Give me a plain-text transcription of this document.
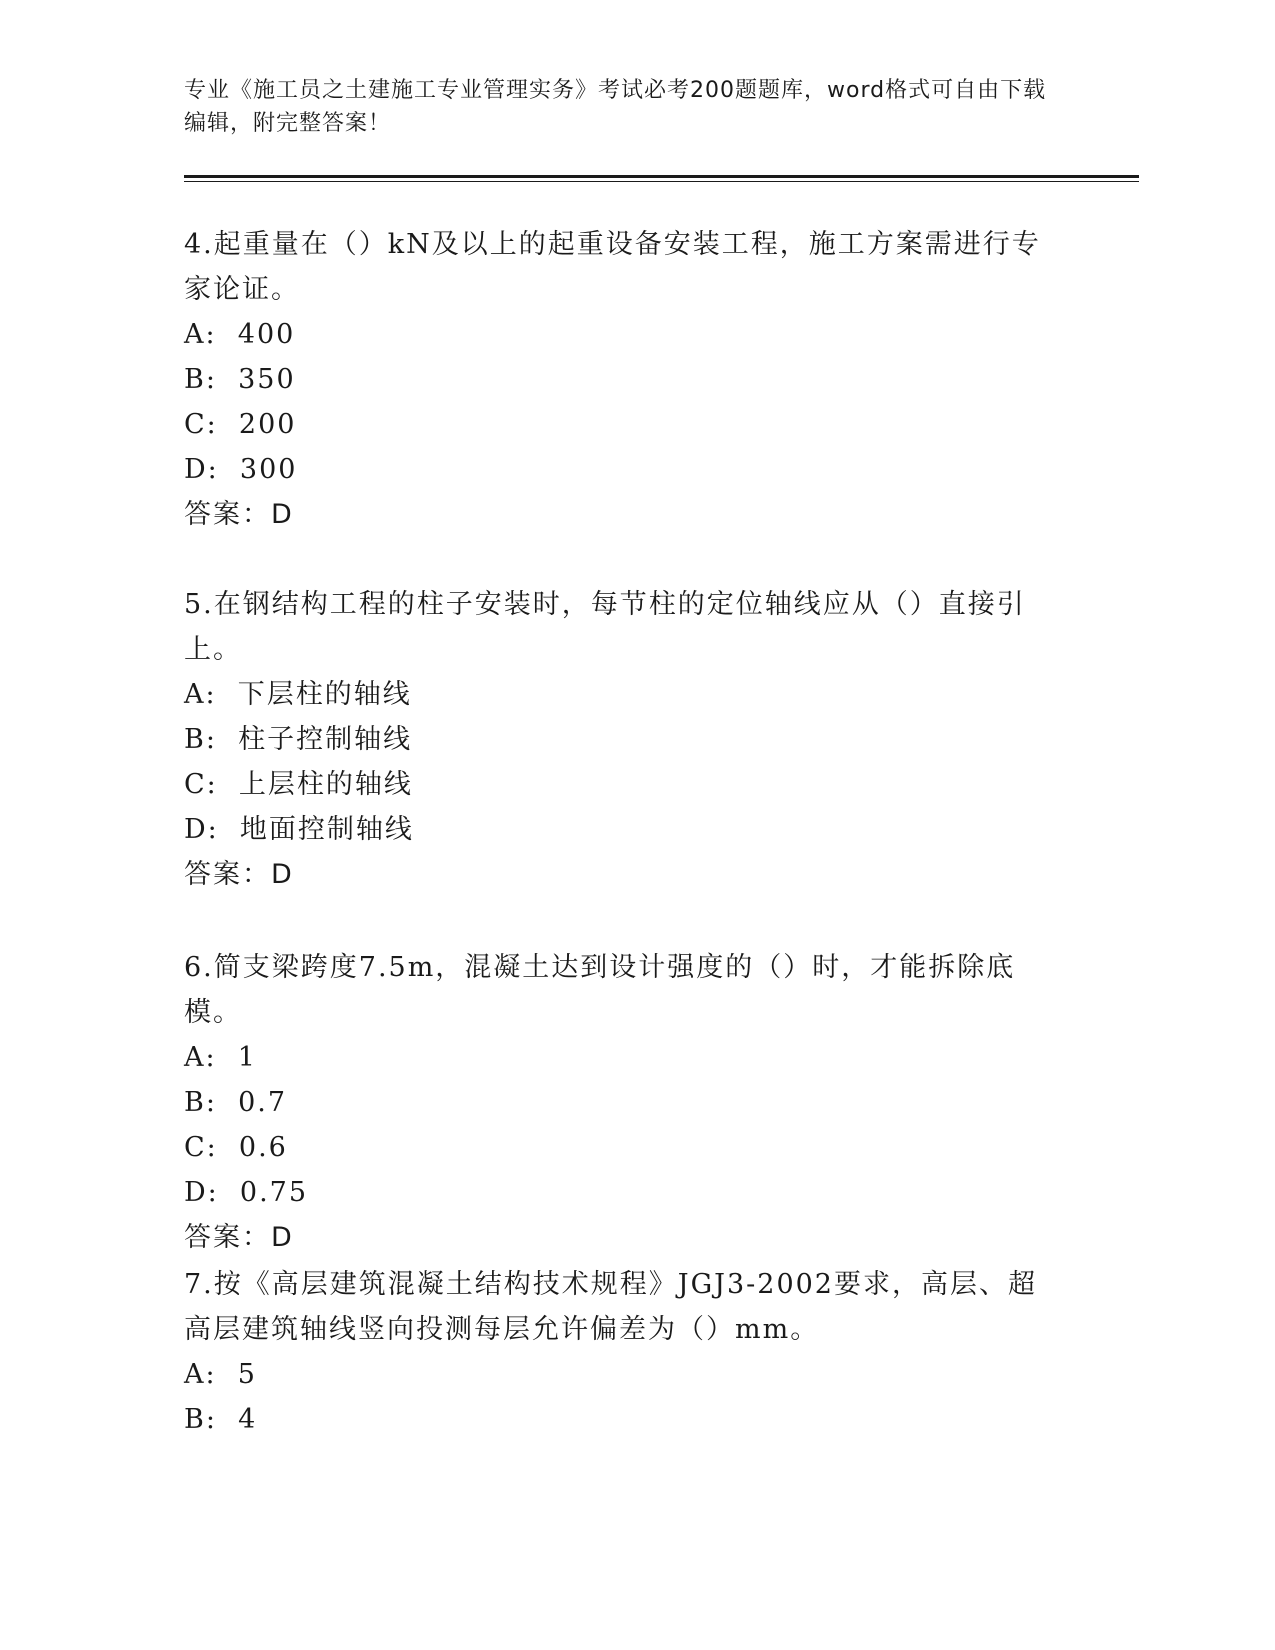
专业《施工员之土建施工专业管理实务》考试必考200题题库，word格式可自由下载编辑，附完整答案！

4.起重量在（）kN及以上的起重设备安装工程，施工方案需进行专家论证。

A:  400

B:  350

C:  200

D:  300

答案：D

5.在钢结构工程的柱子安装时，每节柱的定位轴线应从（）直接引上。

A:  下层柱的轴线

B:  柱子控制轴线

C:  上层柱的轴线

D:  地面控制轴线

答案：D

6.简支梁跨度7.5m，混凝土达到设计强度的（）时，才能拆除底模。

A:  1

B:  0.7

C:  0.6

D:  0.75

答案：D

7.按《高层建筑混凝土结构技术规程》JGJ3-2002要求，高层、超高层建筑轴线竖向投测每层允许偏差为（）mm。

A:  5

B:  4
